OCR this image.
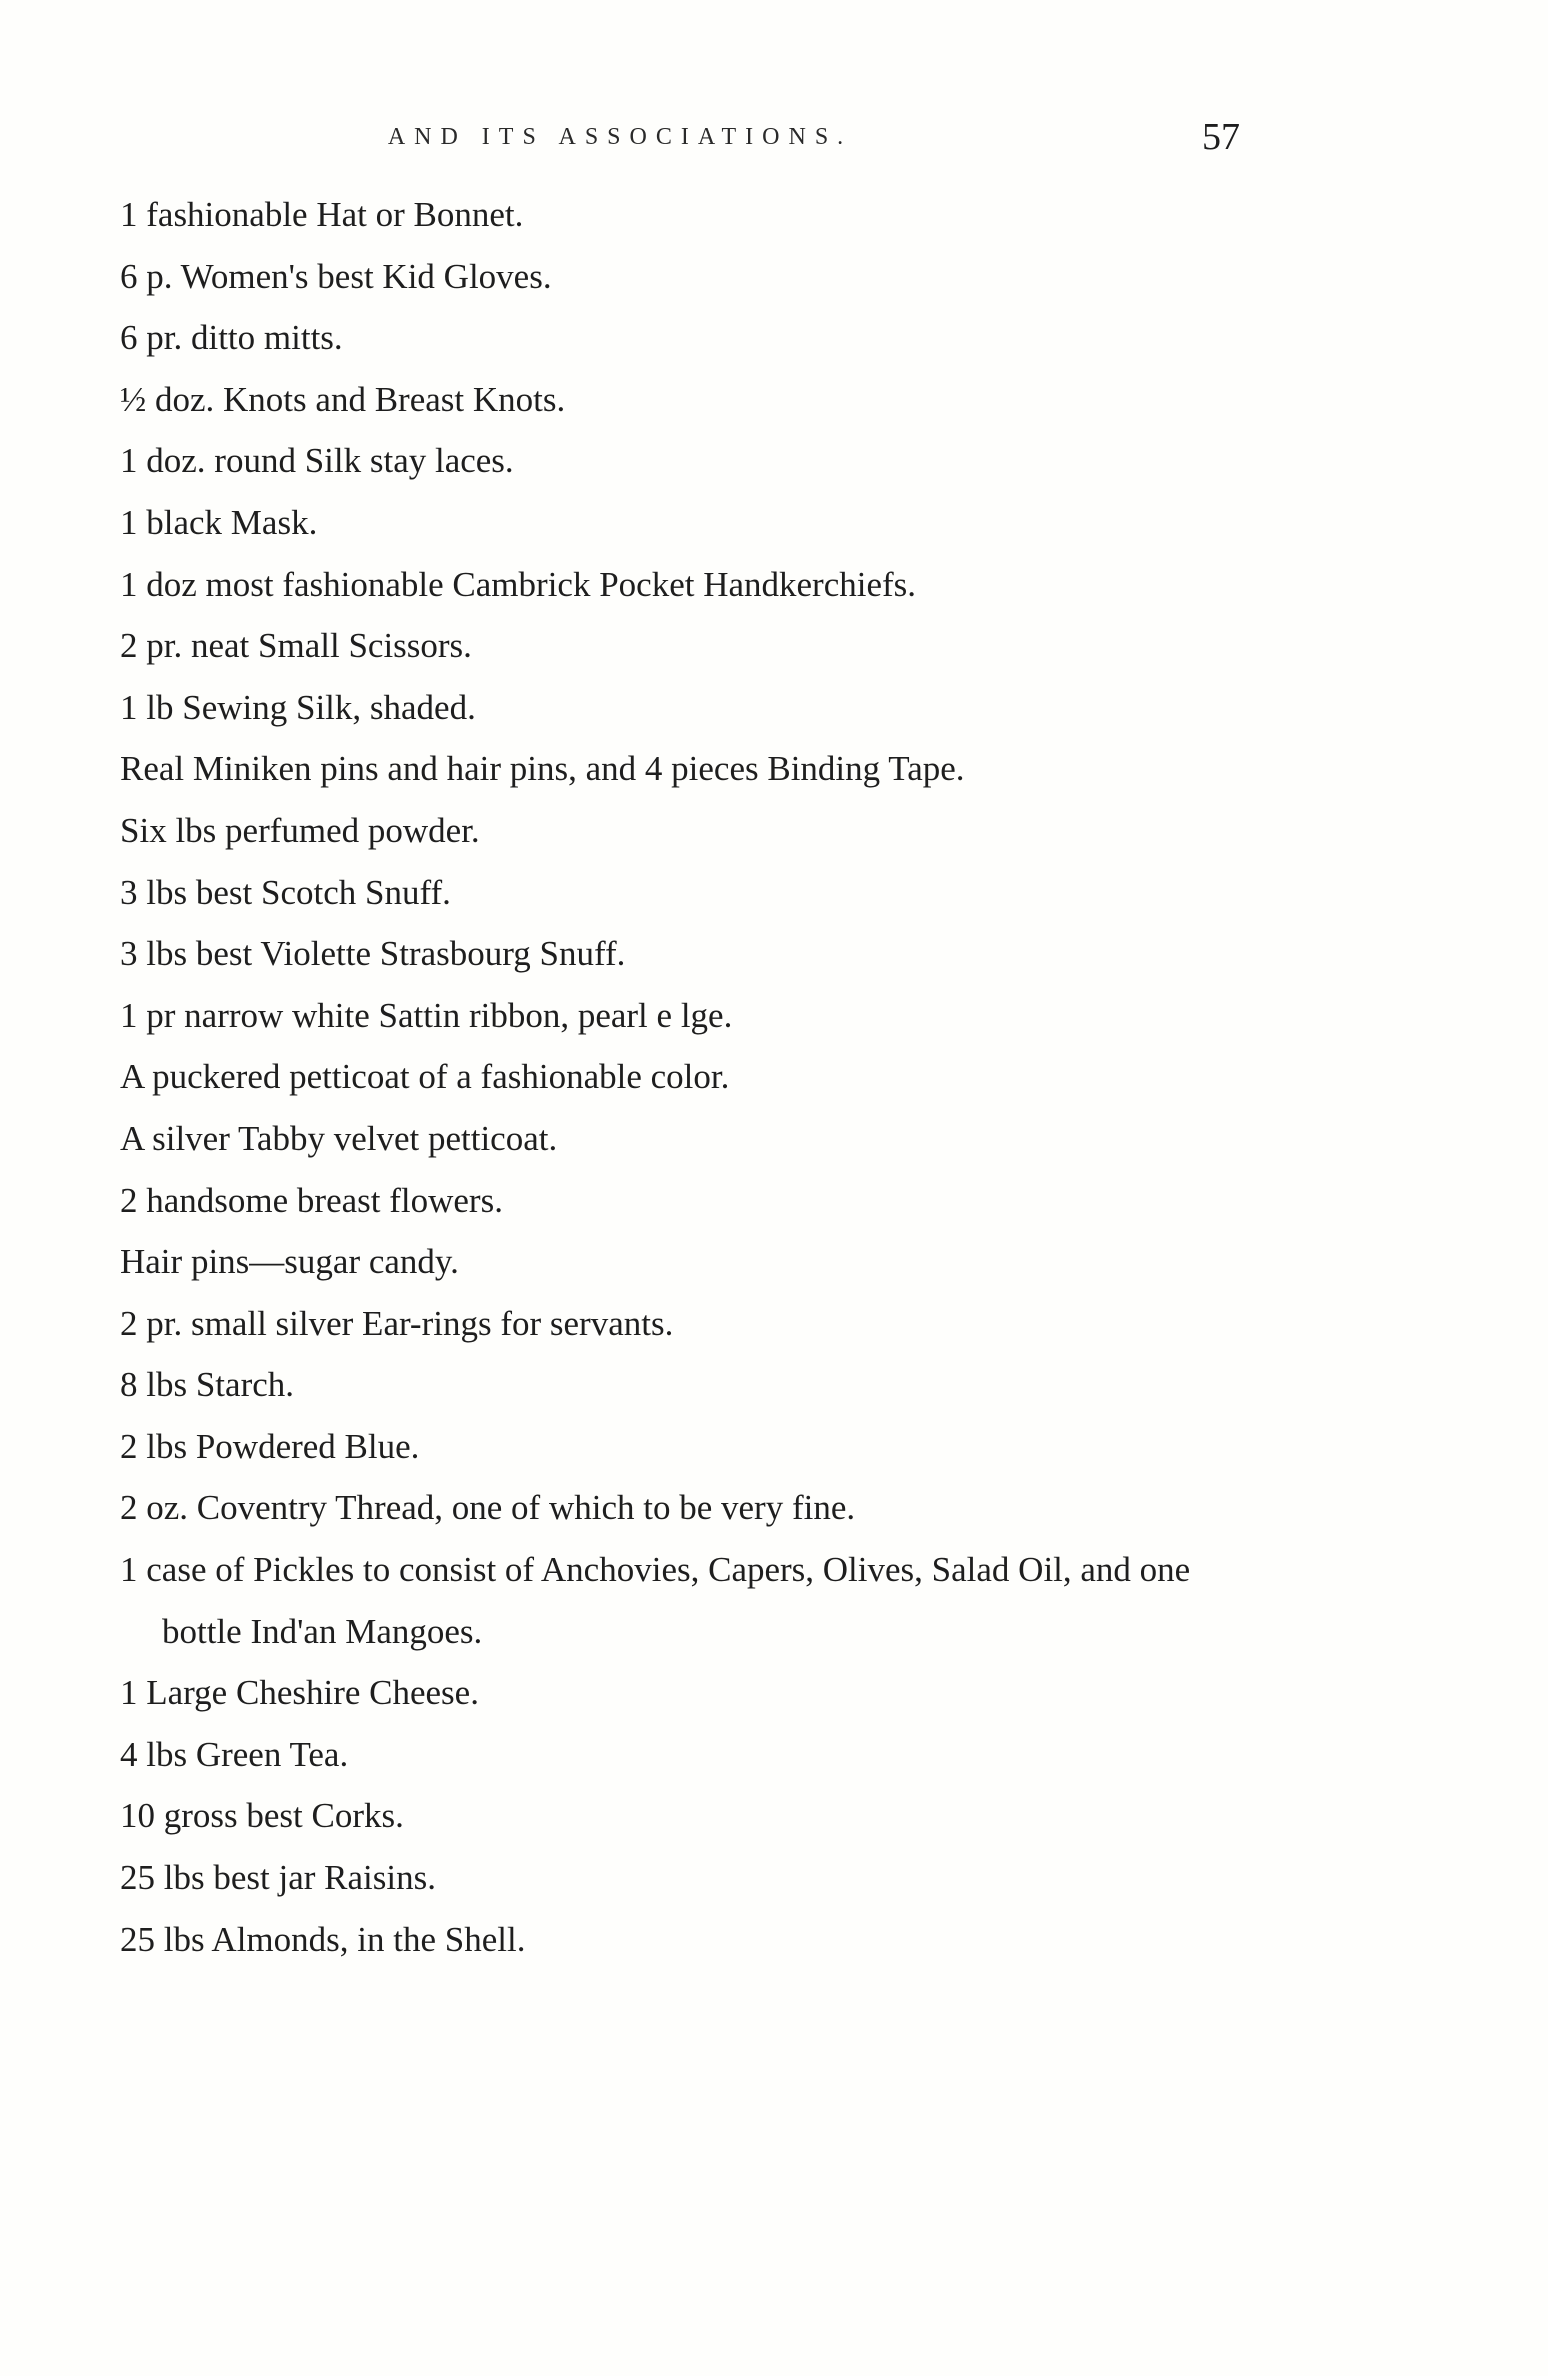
AND ITS ASSOCIATIONS.	57
1 fashionable Hat or Bonnet.
6 p. Women's best Kid Gloves.
6 pr. ditto mitts.
½ doz. Knots and Breast Knots.
1 doz. round Silk stay laces.
1 black Mask.
1 doz most fashionable Cambrick Pocket Handkerchiefs.
2 pr. neat Small Scissors.
1 lb Sewing Silk, shaded.
Real Miniken pins and hair pins, and 4 pieces Binding Tape.
Six lbs perfumed powder.
3 lbs best Scotch Snuff.
3 lbs best Violette Strasbourg Snuff.
1 pr narrow white Sattin ribbon, pearl e lge.
A puckered petticoat of a fashionable color.
A silver Tabby velvet petticoat.
2 handsome breast flowers.
Hair pins—sugar candy.
2 pr. small silver Ear-rings for servants.
8 lbs Starch.
2 lbs Powdered Blue.
2 oz. Coventry Thread, one of which to be very fine.
1 case of Pickles to consist of Anchovies, Capers, Olives, Salad Oil, and one bottle Ind'an Mangoes.
1 Large Cheshire Cheese.
4 lbs Green Tea.
10 gross best Corks.
25 lbs best jar Raisins.
25 lbs Almonds, in the Shell.
